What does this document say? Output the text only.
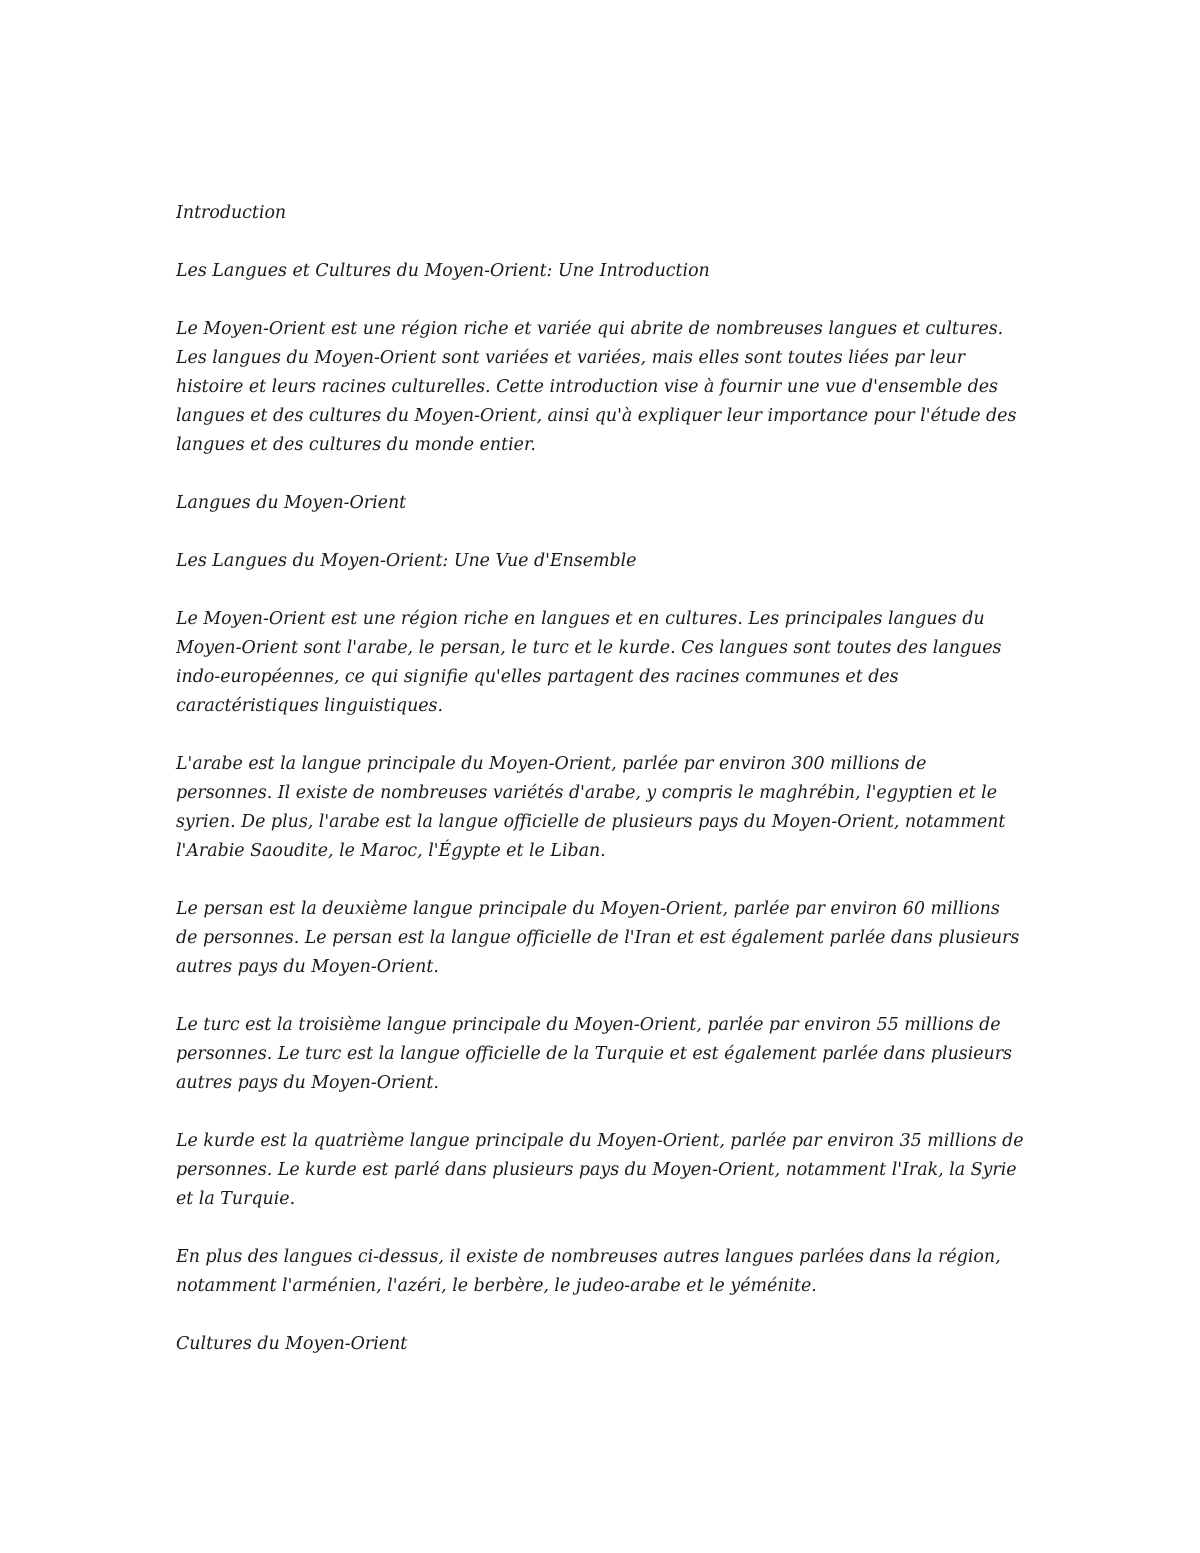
Introduction

Les Langues et Cultures du Moyen-Orient: Une Introduction

Le Moyen-Orient est une région riche et variée qui abrite de nombreuses langues et cultures. Les langues du Moyen-Orient sont variées et variées, mais elles sont toutes liées par leur histoire et leurs racines culturelles. Cette introduction vise à fournir une vue d'ensemble des langues et des cultures du Moyen-Orient, ainsi qu'à expliquer leur importance pour l'étude des langues et des cultures du monde entier.

Langues du Moyen-Orient

Les Langues du Moyen-Orient: Une Vue d'Ensemble

Le Moyen-Orient est une région riche en langues et en cultures. Les principales langues du Moyen-Orient sont l'arabe, le persan, le turc et le kurde. Ces langues sont toutes des langues indo-européennes, ce qui signifie qu'elles partagent des racines communes et des caractéristiques linguistiques.

L'arabe est la langue principale du Moyen-Orient, parlée par environ 300 millions de personnes. Il existe de nombreuses variétés d'arabe, y compris le maghrébin, l'egyptien et le syrien. De plus, l'arabe est la langue officielle de plusieurs pays du Moyen-Orient, notamment l'Arabie Saoudite, le Maroc, l'Égypte et le Liban.

Le persan est la deuxième langue principale du Moyen-Orient, parlée par environ 60 millions de personnes. Le persan est la langue officielle de l'Iran et est également parlée dans plusieurs autres pays du Moyen-Orient.

Le turc est la troisième langue principale du Moyen-Orient, parlée par environ 55 millions de personnes. Le turc est la langue officielle de la Turquie et est également parlée dans plusieurs autres pays du Moyen-Orient.

Le kurde est la quatrième langue principale du Moyen-Orient, parlée par environ 35 millions de personnes. Le kurde est parlé dans plusieurs pays du Moyen-Orient, notamment l'Irak, la Syrie et la Turquie.

En plus des langues ci-dessus, il existe de nombreuses autres langues parlées dans la région, notamment l'arménien, l'azéri, le berbère, le judeo-arabe et le yéménite.

Cultures du Moyen-Orient
